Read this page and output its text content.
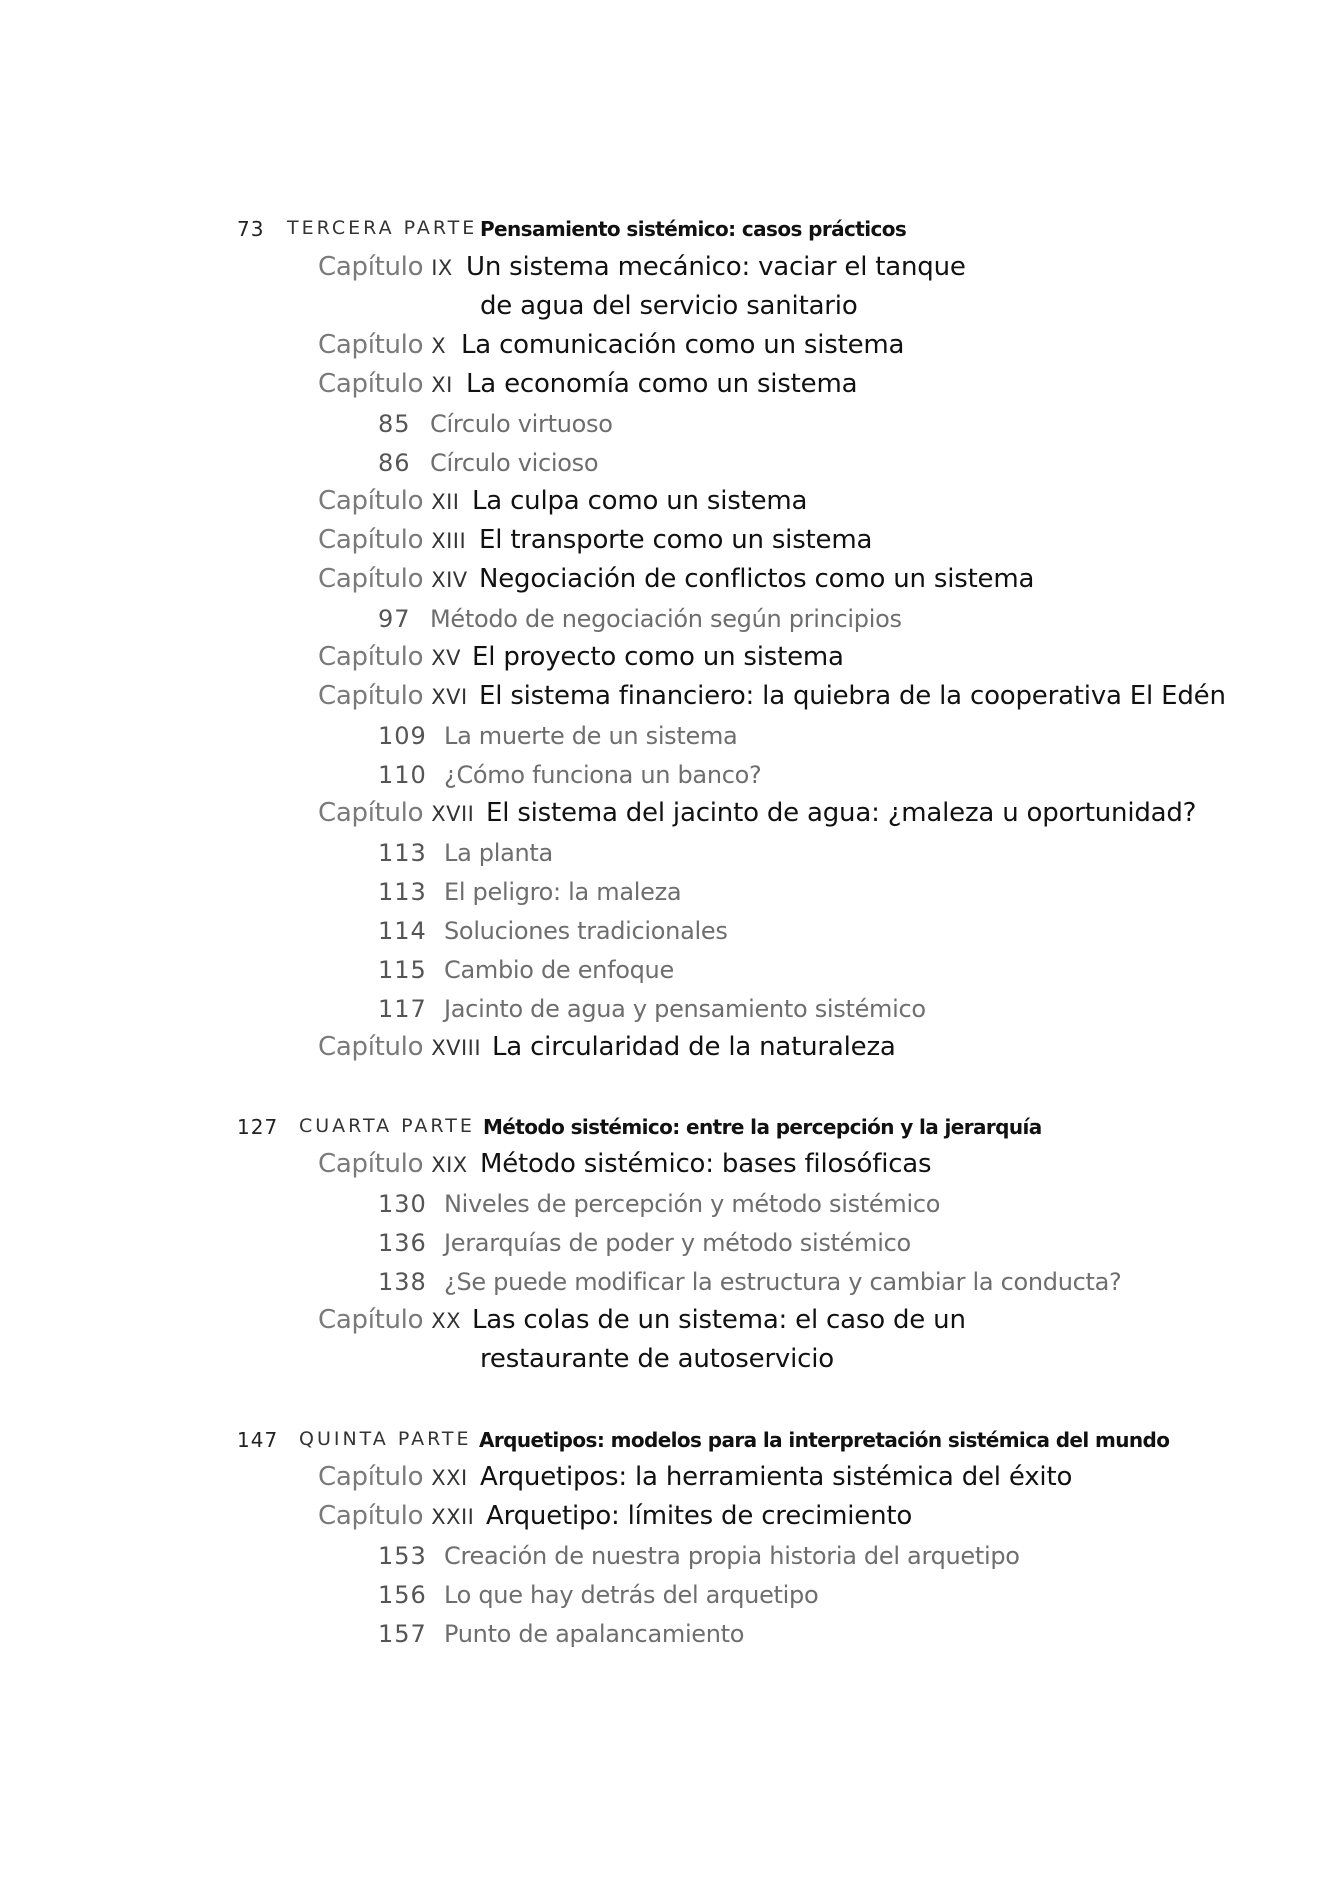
73 TERCERA PARTE Pensamiento sistémico: casos prácticos
Capítulo IX Un sistema mecánico: vaciar el tanque
de agua del servicio sanitario
Capítulo X La comunicación como un sistema
Capítulo XI La economía como un sistema
85 Círculo virtuoso
86 Círculo vicioso
Capítulo XII La culpa como un sistema
Capítulo XIII El transporte como un sistema
Capítulo XIV Negociación de conflictos como un sistema
97 Método de negociación según principios
Capítulo XV El proyecto como un sistema
Capítulo XVI El sistema financiero: la quiebra de la cooperativa El Edén
109 La muerte de un sistema
110 ¿Cómo funciona un banco?
Capítulo XVII El sistema del jacinto de agua: ¿maleza u oportunidad?
113 La planta
113 El peligro: la maleza
114 Soluciones tradicionales
115 Cambio de enfoque
117 Jacinto de agua y pensamiento sistémico
Capítulo XVIII La circularidad de la naturaleza
127 CUARTA PARTE Método sistémico: entre la percepción y la jerarquía
Capítulo XIX Método sistémico: bases filosóficas
130 Niveles de percepción y método sistémico
136 Jerarquías de poder y método sistémico
138 ¿Se puede modificar la estructura y cambiar la conducta?
Capítulo XX Las colas de un sistema: el caso de un
restaurante de autoservicio
147 QUINTA PARTE Arquetipos: modelos para la interpretación sistémica del mundo
Capítulo XXI Arquetipos: la herramienta sistémica del éxito
Capítulo XXII Arquetipo: límites de crecimiento
153 Creación de nuestra propia historia del arquetipo
156 Lo que hay detrás del arquetipo
157 Punto de apalancamiento
